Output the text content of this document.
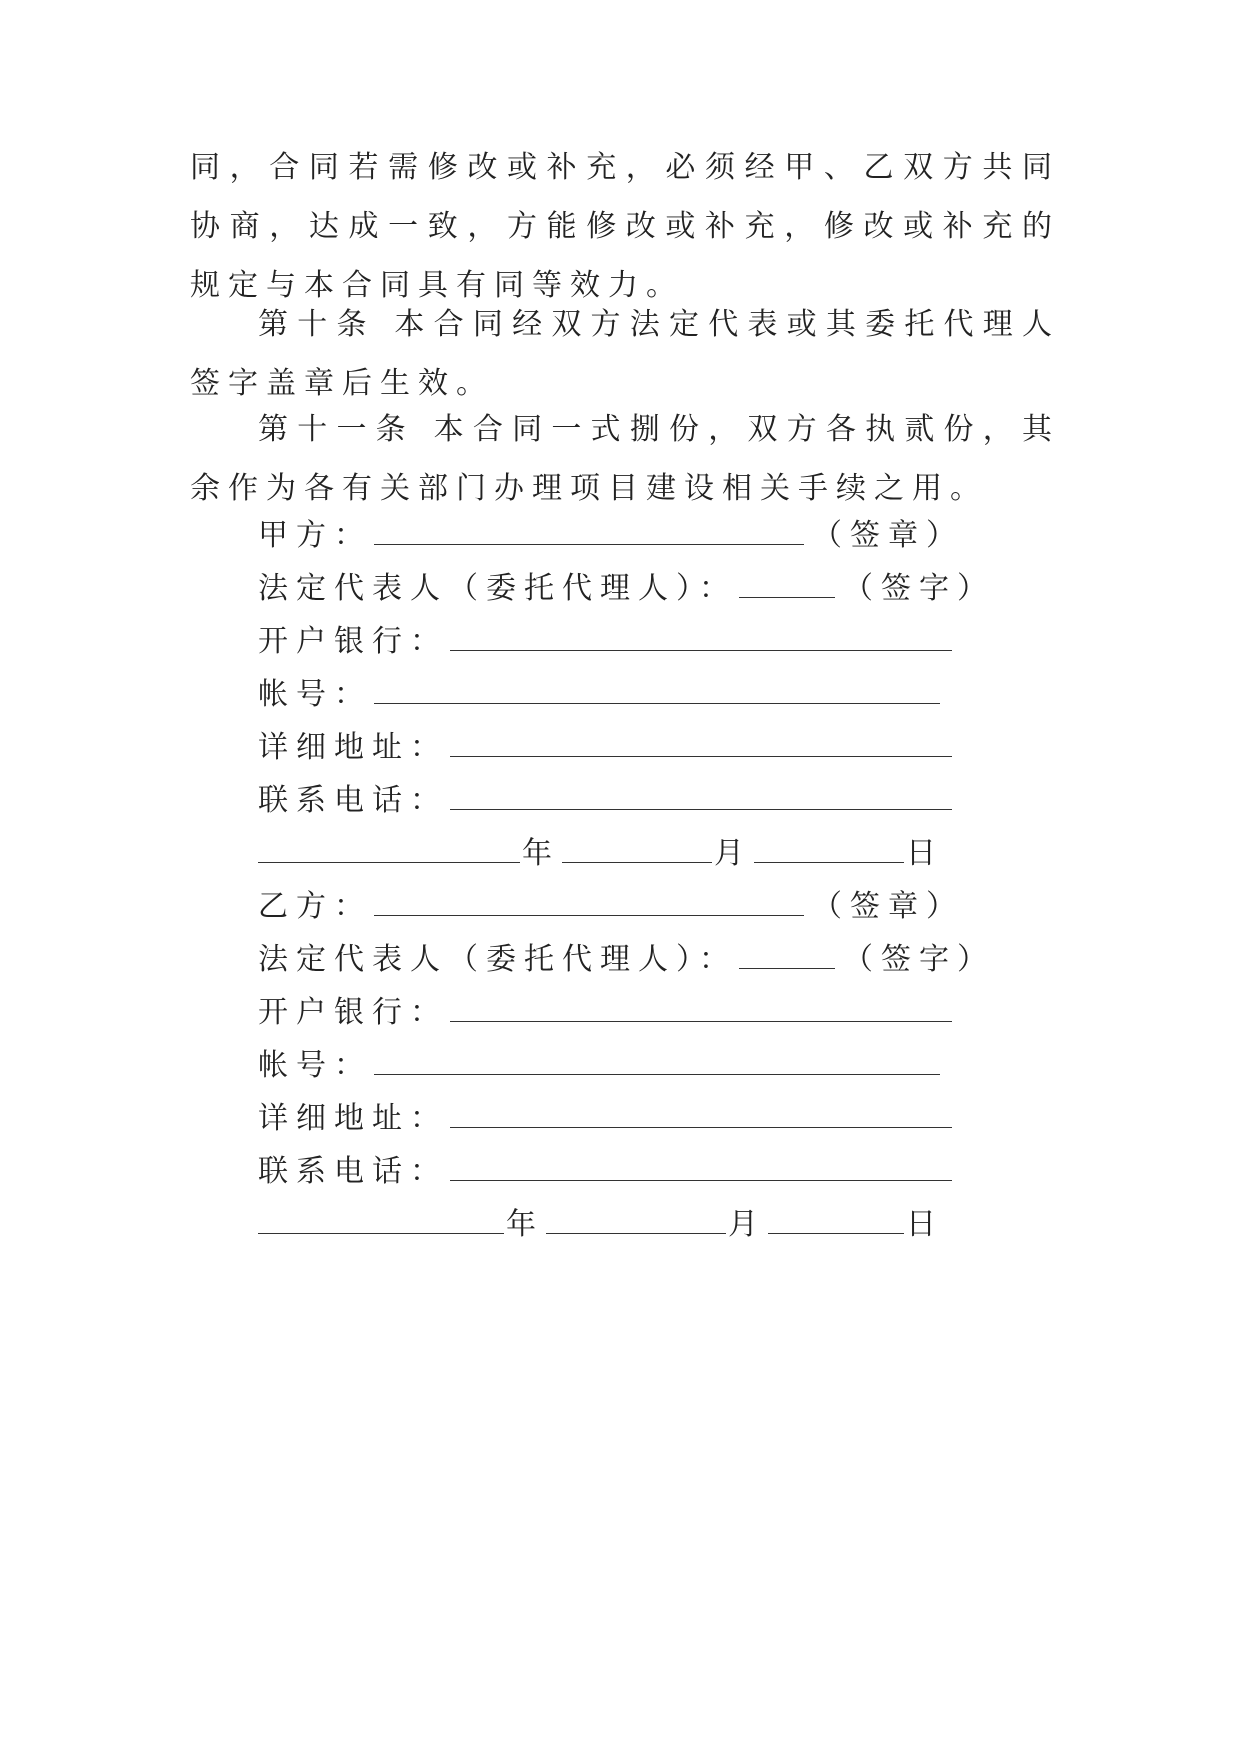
同，合同若需修改或补充，必须经甲、乙双方共同协商，达成一致，方能修改或补充，修改或补充的规定与本合同具有同等效力。

第十条 本合同经双方法定代表或其委托代理人签字盖章后生效。

第十一条 本合同一式捌份，双方各执贰份，其余作为各有关部门办理项目建设相关手续之用。

甲方：	（签章）

法定代表人（委托代理人）：	（签字）

开户银行：

帐号：

详细地址：

联系电话：

年	月	日

乙方：	（签章）

法定代表人（委托代理人）：	（签字）

开户银行：

帐号：

详细地址：

联系电话：

年	月	日
